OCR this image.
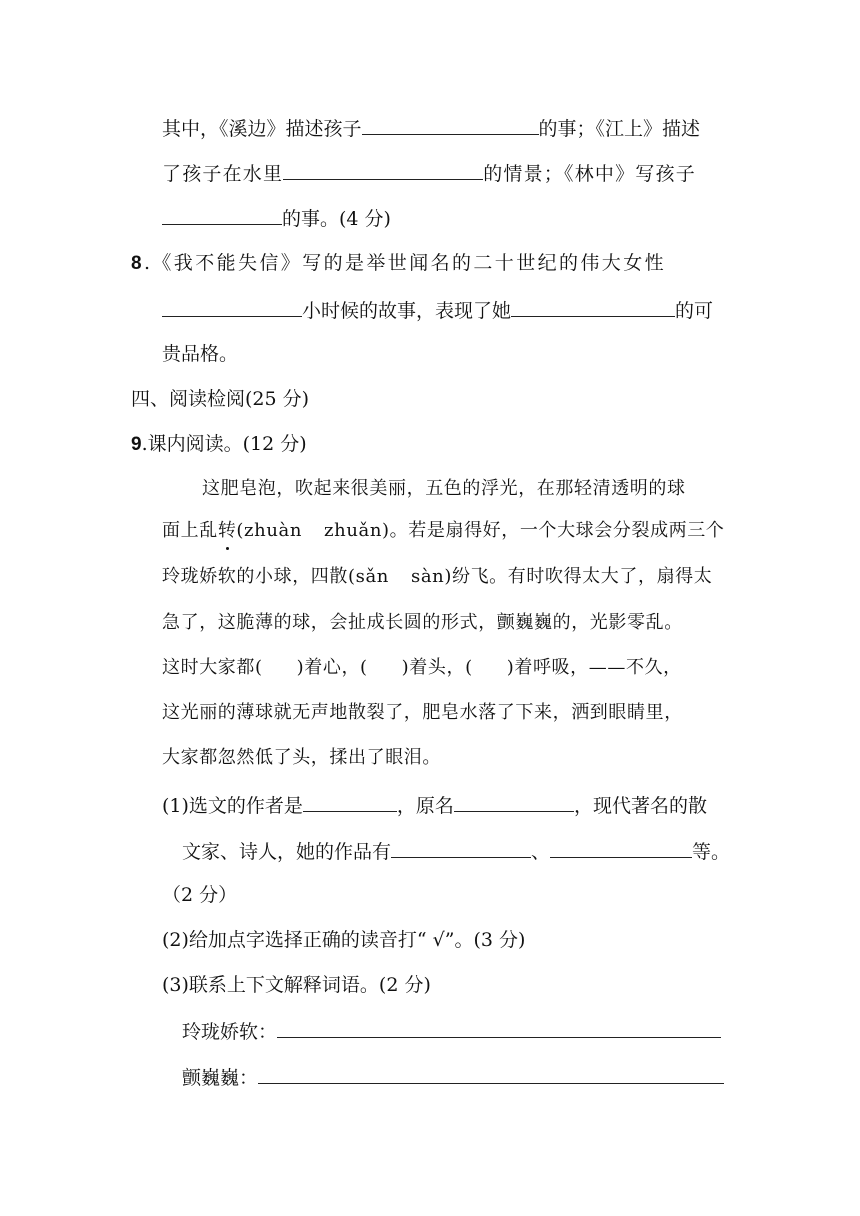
其中，《溪边》描述孩子	的事；《江上》描述
了孩子在水里	的情景；《林中》写孩子
的事。(4 分)
8.《我不能失信》写的是举世闻名的二十世纪的伟大女性
小时候的故事，表现了她	的可
贵品格。
四、阅读检阅(25 分)
9.课内阅读。(12 分)
这肥皂泡，吹起来很美丽，五色的浮光，在那轻清透明的球
面上乱转(zhuàn zhuǎn)。若是扇得好，一个大球会分裂成两三个
玲珑娇软的小球，四散(sǎn sàn)纷飞。有时吹得太大了，扇得太
急了，这脆薄的球，会扯成长圆的形式，颤巍巍的，光影零乱。
这时大家都( )着心，( )着头，( )着呼吸，——不久，
这光丽的薄球就无声地散裂了，肥皂水落了下来，洒到眼睛里，
大家都忽然低了头，揉出了眼泪。
(1)选文的作者是	，原名	，现代著名的散
文家、诗人，她的作品有	、	等。
（2 分）
(2)给加点字选择正确的读音打“ √”。(3 分)
(3)联系上下文解释词语。(2 分)
玲珑娇软：
颤巍巍：
